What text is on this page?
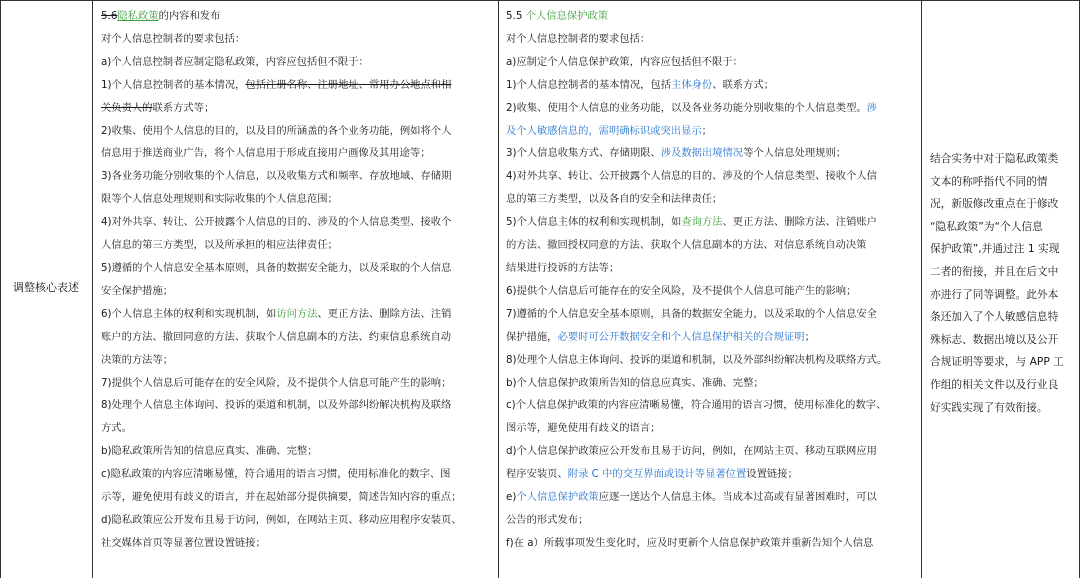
调整核心表述

5.6隐私政策的内容和发布

对个人信息控制者的要求包括：

a)个人信息控制者应制定隐私政策，内容应包括但不限于：

1)个人信息控制者的基本情况，包括注册名称、注册地址、常用办公地点和相

关负责人的联系方式等；

2)收集、使用个人信息的目的，以及目的所涵盖的各个业务功能，例如将个人

信息用于推送商业广告，将个人信息用于形成直接用户画像及其用途等；

3)各业务功能分别收集的个人信息，以及收集方式和频率、存放地域、存储期

限等个人信息处理规则和实际收集的个人信息范围；

4)对外共享、转让、公开披露个人信息的目的、涉及的个人信息类型、接收个

人信息的第三方类型，以及所承担的相应法律责任；

5)遵循的个人信息安全基本原则，具备的数据安全能力，以及采取的个人信息

安全保护措施；

6)个人信息主体的权利和实现机制，如访问方法、更正方法、删除方法、注销

账户的方法、撤回同意的方法、获取个人信息副本的方法、约束信息系统自动

决策的方法等；

7)提供个人信息后可能存在的安全风险，及不提供个人信息可能产生的影响；

8)处理个人信息主体询问、投诉的渠道和机制，以及外部纠纷解决机构及联络

方式。

b)隐私政策所告知的信息应真实、准确、完整；

c)隐私政策的内容应清晰易懂，符合通用的语言习惯，使用标准化的数字、图

示等，避免使用有歧义的语言，并在起始部分提供摘要，简述告知内容的重点；

d)隐私政策应公开发布且易于访问，例如，在网站主页、移动应用程序安装页、

社交媒体首页等显著位置设置链接；

5.5 个人信息保护政策

对个人信息控制者的要求包括：

a)应制定个人信息保护政策，内容应包括但不限于：

1)个人信息控制者的基本情况，包括主体身份、联系方式；

2)收集、使用个人信息的业务功能，以及各业务功能分别收集的个人信息类型。涉

及个人敏感信息的，需明确标识或突出显示；

3)个人信息收集方式、存储期限、涉及数据出境情况等个人信息处理规则；

4)对外共享、转让、公开披露个人信息的目的、涉及的个人信息类型、接收个人信

息的第三方类型，以及各自的安全和法律责任；

5)个人信息主体的权利和实现机制，如查询方法、更正方法、删除方法、注销账户

的方法、撤回授权同意的方法、获取个人信息副本的方法、对信息系统自动决策

结果进行投诉的方法等；

6)提供个人信息后可能存在的安全风险，及不提供个人信息可能产生的影响；

7)遵循的个人信息安全基本原则，具备的数据安全能力，以及采取的个人信息安全

保护措施，必要时可公开数据安全和个人信息保护相关的合规证明；

8)处理个人信息主体询问、投诉的渠道和机制，以及外部纠纷解决机构及联络方式。

b)个人信息保护政策所告知的信息应真实、准确、完整；

c)个人信息保护政策的内容应清晰易懂，符合通用的语言习惯，使用标准化的数字、

图示等，避免使用有歧义的语言；

d)个人信息保护政策应公开发布且易于访问，例如，在网站主页、移动互联网应用

程序安装页、附录 C 中的交互界面或设计等显著位置设置链接；

e)个人信息保护政策应逐一送达个人信息主体。当成本过高或有显著困难时，可以

公告的形式发布；

f)在 a）所载事项发生变化时，应及时更新个人信息保护政策并重新告知个人信息

结合实务中对于隐私政策类

文本的称呼指代不同的情

况，新版修改重点在于修改

“隐私政策”为“个人信息

保护政策”,并通过注 1 实现

二者的衔接，并且在后文中

亦进行了同等调整。此外本

条还加入了个人敏感信息特

殊标志、数据出境以及公开

合规证明等要求，与 APP 工

作组的相关文件以及行业良

好实践实现了有效衔接。
